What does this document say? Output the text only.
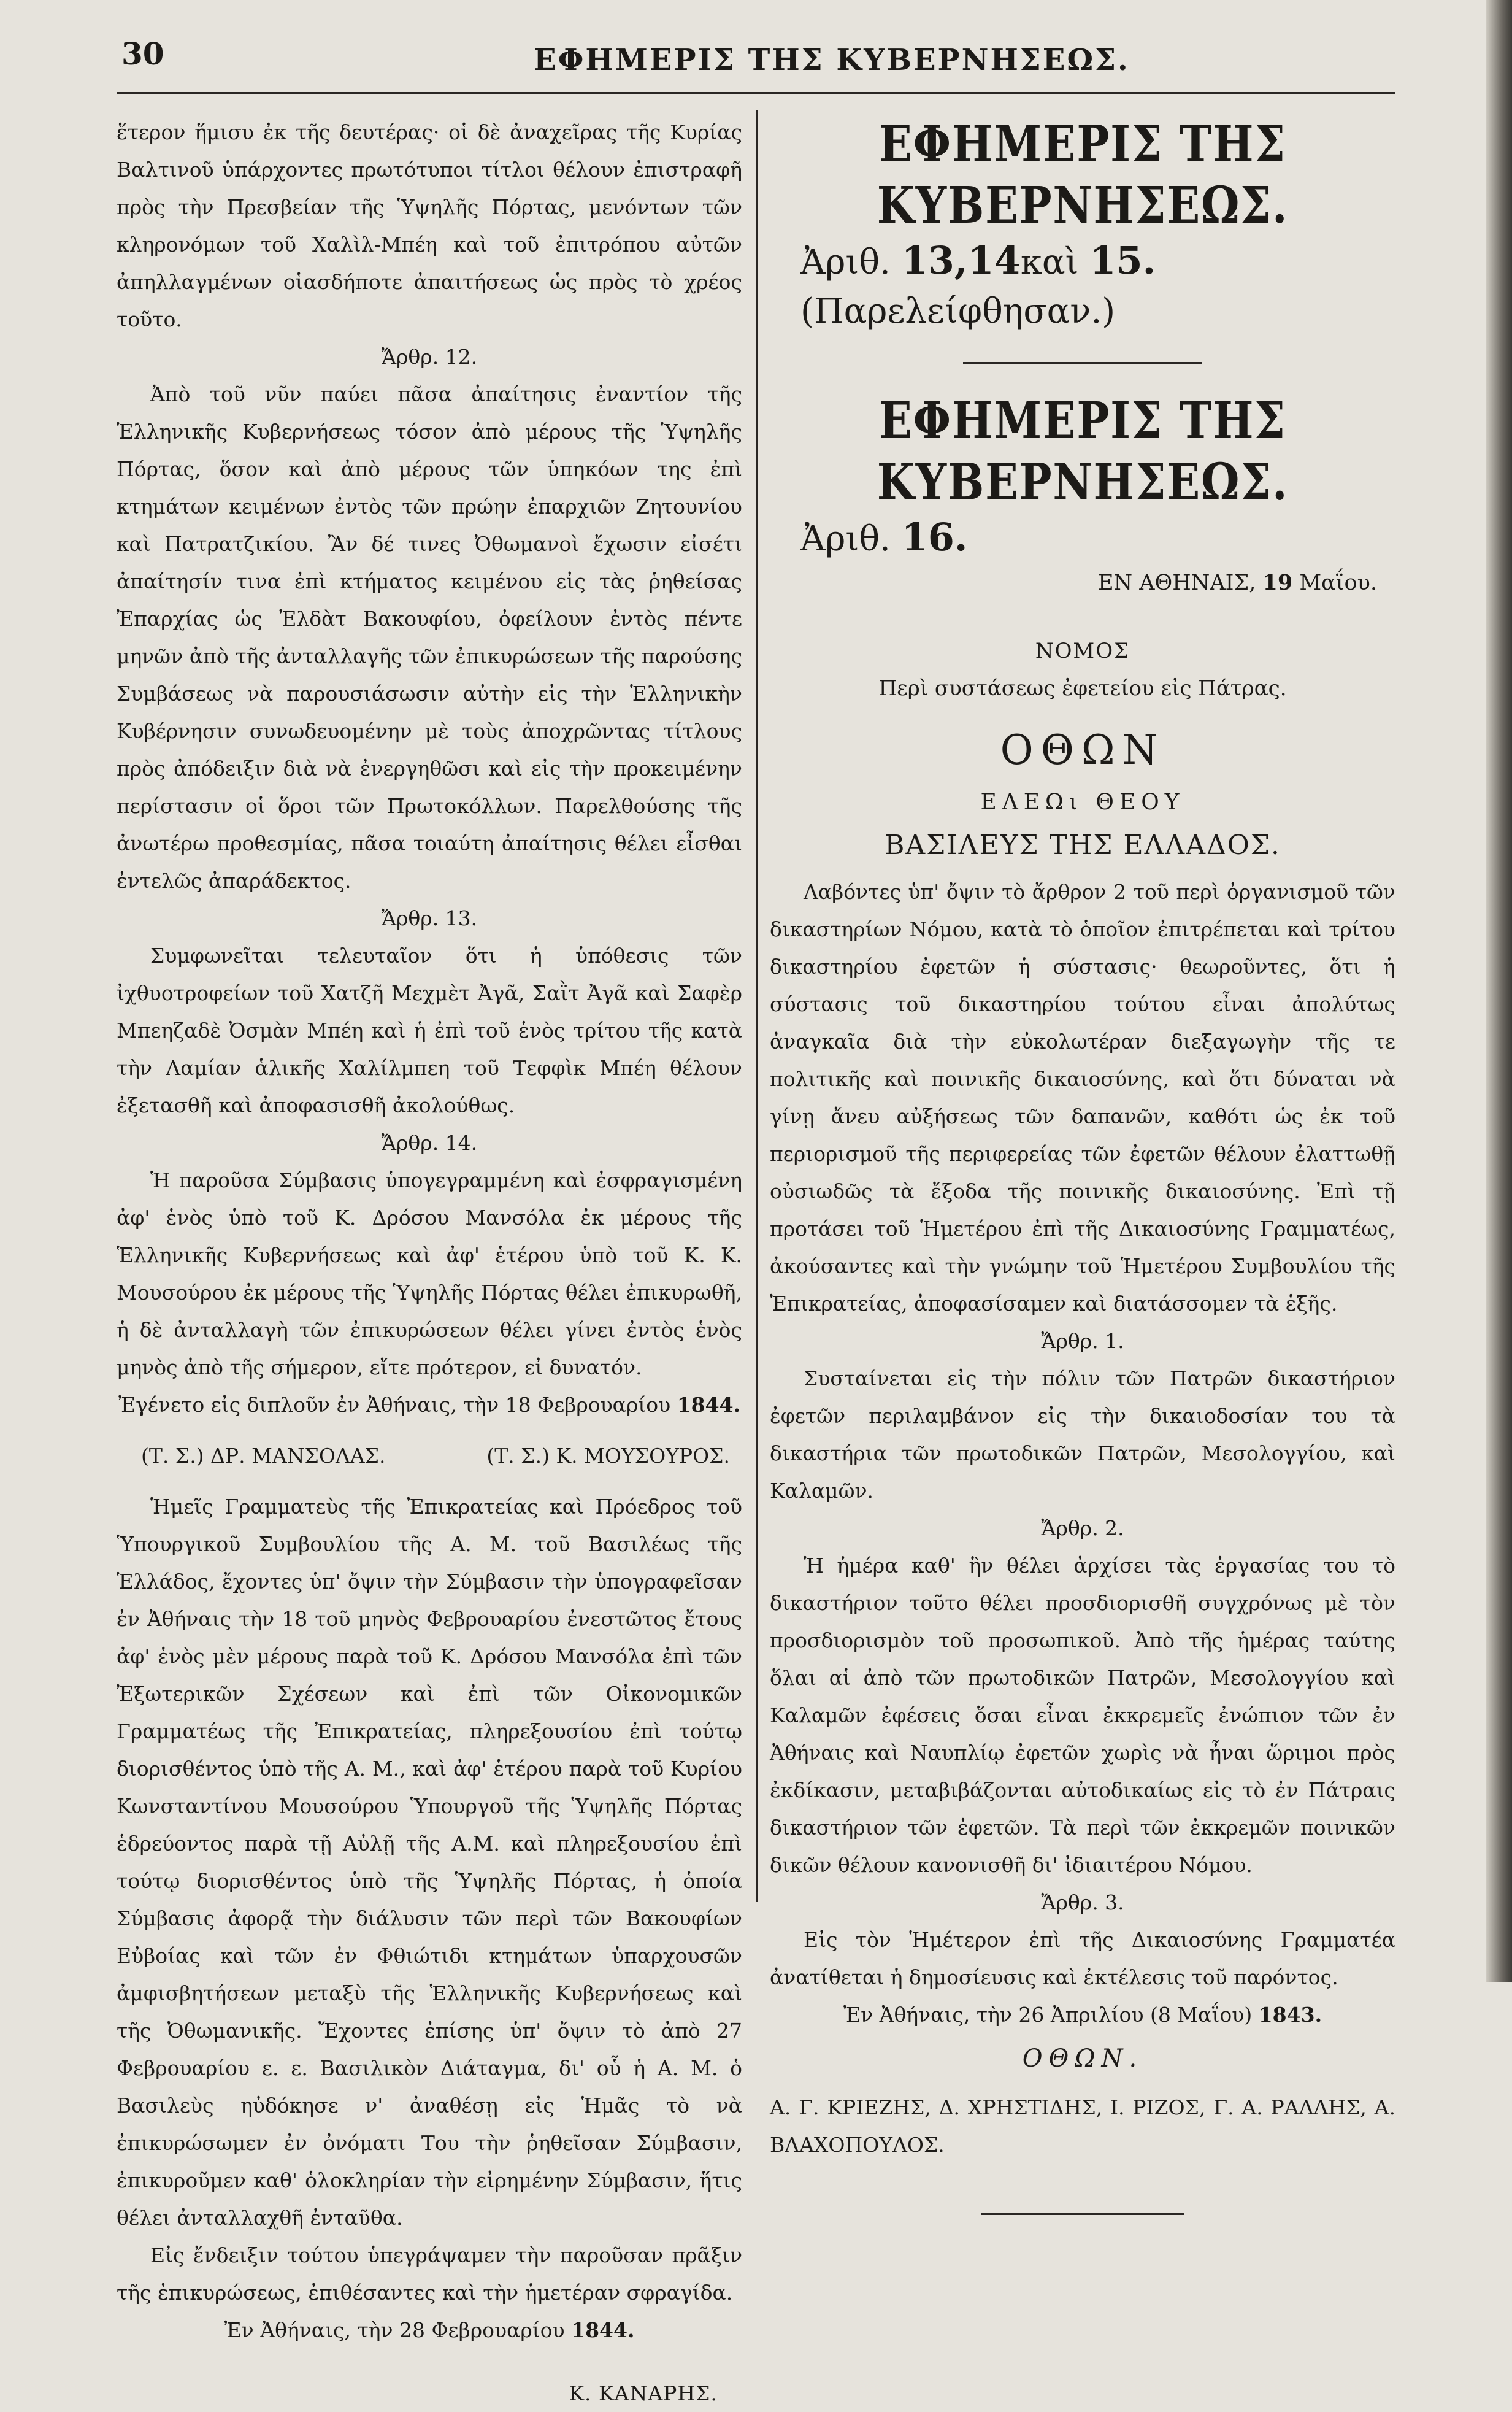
30	ΕΦΗΜΕΡΙΣ ΤΗΣ ΚΥΒΕΡΝΗΣΕΩΣ.

ἕτερον ἥμισυ ἐκ τῆς δευτέρας· οἱ δὲ ἀναχεῖρας τῆς Κυρίας Βαλτινοῦ ὑπάρχοντες πρωτότυποι τίτλοι θέλουν ἐπιστραφῆ πρὸς τὴν Πρεσβείαν τῆς Ὑψηλῆς Πόρτας, μενόντων τῶν κληρονόμων τοῦ Χαλὶλ-Μπέη καὶ τοῦ ἐπιτρόπου αὐτῶν ἀπηλλαγμένων οἱασδήποτε ἀπαιτήσεως ὡς πρὸς τὸ χρέος τοῦτο.

Ἄρθρ. 12.

Ἀπὸ τοῦ νῦν παύει πᾶσα ἀπαίτησις ἐναντίον τῆς Ἑλληνικῆς Κυβερνήσεως τόσον ἀπὸ μέρους τῆς Ὑψηλῆς Πόρτας, ὅσον καὶ ἀπὸ μέρους τῶν ὑπηκόων της ἐπὶ κτημάτων κειμένων ἐντὸς τῶν πρώην ἐπαρχιῶν Ζητουνίου καὶ Πατρατζικίου. Ἂν δέ τινες Ὀθωμανοὶ ἔχωσιν εἰσέτι ἀπαίτησίν τινα ἐπὶ κτήματος κειμένου εἰς τὰς ῥηθείσας Ἐπαρχίας ὡς Ἐλδὰτ Βακουφίου, ὀφείλουν ἐντὸς πέντε μηνῶν ἀπὸ τῆς ἀνταλλαγῆς τῶν ἐπικυρώσεων τῆς παρούσης Συμβάσεως νὰ παρουσιάσωσιν αὐτὴν εἰς τὴν Ἑλληνικὴν Κυβέρνησιν συνωδευομένην μὲ τοὺς ἀποχρῶντας τίτλους πρὸς ἀπόδειξιν διὰ νὰ ἐνεργηθῶσι καὶ εἰς τὴν προκειμένην περίστασιν οἱ ὅροι τῶν Πρωτοκόλλων. Παρελθούσης τῆς ἀνωτέρω προθεσμίας, πᾶσα τοιαύτη ἀπαίτησις θέλει εἶσθαι ἐντελῶς ἀπαράδεκτος.

Ἄρθρ. 13.

Συμφωνεῖται τελευταῖον ὅτι ἡ ὑπόθεσις τῶν ἰχθυοτροφείων τοῦ Χατζῆ Μεχμὲτ Ἀγᾶ, Σαῒτ Ἀγᾶ καὶ Σαφὲρ Μπεηζαδὲ Ὀσμὰν Μπέη καὶ ἡ ἐπὶ τοῦ ἑνὸς τρίτου τῆς κατὰ τὴν Λαμίαν ἁλικῆς Χαλίλμπεη τοῦ Τεφφὶκ Μπέη θέλουν ἐξετασθῆ καὶ ἀποφασισθῆ ἀκολούθως.

Ἄρθρ. 14.

Ἡ παροῦσα Σύμβασις ὑπογεγραμμένη καὶ ἐσφραγισμένη ἀφ' ἑνὸς ὑπὸ τοῦ Κ. Δρόσου Μανσόλα ἐκ μέρους τῆς Ἑλληνικῆς Κυβερνήσεως καὶ ἀφ' ἑτέρου ὑπὸ τοῦ Κ. Κ. Μουσούρου ἐκ μέρους τῆς Ὑψηλῆς Πόρτας θέλει ἐπικυρωθῆ, ἡ δὲ ἀνταλλαγὴ τῶν ἐπικυρώσεων θέλει γίνει ἐντὸς ἑνὸς μηνὸς ἀπὸ τῆς σήμερον, εἴτε πρότερον, εἰ δυνατόν.

Ἐγένετο εἰς διπλοῦν ἐν Ἀθήναις, τὴν 18 Φεβρουαρίου 1844.

(Τ. Σ.) ΔΡ. ΜΑΝΣΟΛΑΣ.	(Τ. Σ.) Κ. ΜΟΥΣΟΥΡΟΣ.

Ἡμεῖς Γραμματεὺς τῆς Ἐπικρατείας καὶ Πρόεδρος τοῦ Ὑπουργικοῦ Συμβουλίου τῆς Α. Μ. τοῦ Βασιλέως τῆς Ἑλλάδος, ἔχοντες ὑπ' ὄψιν τὴν Σύμβασιν τὴν ὑπογραφεῖσαν ἐν Ἀθήναις τὴν 18 τοῦ μηνὸς Φεβρουαρίου ἐνεστῶτος ἔτους ἀφ' ἑνὸς μὲν μέρους παρὰ τοῦ Κ. Δρόσου Μανσόλα ἐπὶ τῶν Ἐξωτερικῶν Σχέσεων καὶ ἐπὶ τῶν Οἰκονομικῶν Γραμματέως τῆς Ἐπικρατείας, πληρεξουσίου ἐπὶ τούτῳ διορισθέντος ὑπὸ τῆς Α. Μ., καὶ ἀφ' ἑτέρου παρὰ τοῦ Κυρίου Κωνσταντίνου Μουσούρου Ὑπουργοῦ τῆς Ὑψηλῆς Πόρτας ἑδρεύοντος παρὰ τῇ Αὐλῇ τῆς Α.Μ. καὶ πληρεξουσίου ἐπὶ τούτῳ διορισθέντος ὑπὸ τῆς Ὑψηλῆς Πόρτας, ἡ ὁποία Σύμβασις ἀφορᾷ τὴν διάλυσιν τῶν περὶ τῶν Βακουφίων Εὐβοίας καὶ τῶν ἐν Φθιώτιδι κτημάτων ὑπαρχουσῶν ἀμφισβητήσεων μεταξὺ τῆς Ἑλληνικῆς Κυβερνήσεως καὶ τῆς Ὀθωμανικῆς. Ἔχοντες ἐπίσης ὑπ' ὄψιν τὸ ἀπὸ 27 Φεβρουαρίου ε. ε. Βασιλικὸν Διάταγμα, δι' οὗ ἡ Α. Μ. ὁ Βασιλεὺς ηὐδόκησε ν' ἀναθέσῃ εἰς Ἡμᾶς τὸ νὰ ἐπικυρώσωμεν ἐν ὀνόματι Του τὴν ῥηθεῖσαν Σύμβασιν, ἐπικυροῦμεν καθ' ὁλοκληρίαν τὴν εἰρημένην Σύμβασιν, ἥτις θέλει ἀνταλλαχθῆ ἐνταῦθα.

Εἰς ἔνδειξιν τούτου ὑπεγράψαμεν τὴν παροῦσαν πρᾶξιν τῆς ἐπικυρώσεως, ἐπιθέσαντες καὶ τὴν ἡμετέραν σφραγίδα.

Ἐν Ἀθήναις, τὴν 28 Φεβρουαρίου 1844.

Κ. ΚΑΝΑΡΗΣ.

ΕΦΗΜΕΡΙΣ ΤΗΣ ΚΥΒΕΡΝΗΣΕΩΣ.

Ἀριθ. 13,14καὶ 15. (Παρελείφθησαν.)

ΕΦΗΜΕΡΙΣ ΤΗΣ ΚΥΒΕΡΝΗΣΕΩΣ.

Ἀριθ. 16.

ΕΝ ΑΘΗΝΑΙΣ, 19 Μαΐου.

ΝΟΜΟΣ

Περὶ συστάσεως ἐφετείου εἰς Πάτρας.

ΟΘΩΝ

ΕΛΕΩι ΘΕΟΥ

ΒΑΣΙΛΕΥΣ ΤΗΣ ΕΛΛΑΔΟΣ.

Λαβόντες ὑπ' ὄψιν τὸ ἄρθρον 2 τοῦ περὶ ὀργανισμοῦ τῶν δικαστηρίων Νόμου, κατὰ τὸ ὁποῖον ἐπιτρέπεται καὶ τρίτου δικαστηρίου ἐφετῶν ἡ σύστασις· θεωροῦντες, ὅτι ἡ σύστασις τοῦ δικαστηρίου τούτου εἶναι ἀπολύτως ἀναγκαῖα διὰ τὴν εὐκολωτέραν διεξαγωγὴν τῆς τε πολιτικῆς καὶ ποινικῆς δικαιοσύνης, καὶ ὅτι δύναται νὰ γίνῃ ἄνευ αὐξήσεως τῶν δαπανῶν, καθότι ὡς ἐκ τοῦ περιορισμοῦ τῆς περιφερείας τῶν ἐφετῶν θέλουν ἐλαττωθῇ οὐσιωδῶς τὰ ἔξοδα τῆς ποινικῆς δικαιοσύνης. Ἐπὶ τῇ προτάσει τοῦ Ἡμετέρου ἐπὶ τῆς Δικαιοσύνης Γραμματέως, ἀκούσαντες καὶ τὴν γνώμην τοῦ Ἡμετέρου Συμβουλίου τῆς Ἐπικρατείας, ἀποφασίσαμεν καὶ διατάσσομεν τὰ ἑξῆς.

Ἄρθρ. 1.

Συσταίνεται εἰς τὴν πόλιν τῶν Πατρῶν δικαστήριον ἐφετῶν περιλαμβάνον εἰς τὴν δικαιοδοσίαν του τὰ δικαστήρια τῶν πρωτοδικῶν Πατρῶν, Μεσολογγίου, καὶ Καλαμῶν.

Ἄρθρ. 2.

Ἡ ἡμέρα καθ' ἣν θέλει ἀρχίσει τὰς ἐργασίας του τὸ δικαστήριον τοῦτο θέλει προσδιορισθῆ συγχρόνως μὲ τὸν προσδιορισμὸν τοῦ προσωπικοῦ. Ἀπὸ τῆς ἡμέρας ταύτης ὅλαι αἱ ἀπὸ τῶν πρωτοδικῶν Πατρῶν, Μεσολογγίου καὶ Καλαμῶν ἐφέσεις ὅσαι εἶναι ἐκκρεμεῖς ἐνώπιον τῶν ἐν Ἀθήναις καὶ Ναυπλίῳ ἐφετῶν χωρὶς νὰ ἦναι ὥριμοι πρὸς ἐκδίκασιν, μεταβιβάζονται αὐτοδικαίως εἰς τὸ ἐν Πάτραις δικαστήριον τῶν ἐφετῶν. Τὰ περὶ τῶν ἐκκρεμῶν ποινικῶν δικῶν θέλουν κανονισθῆ δι' ἰδιαιτέρου Νόμου.

Ἄρθρ. 3.

Εἰς τὸν Ἡμέτερον ἐπὶ τῆς Δικαιοσύνης Γραμματέα ἀνατίθεται ἡ δημοσίευσις καὶ ἐκτέλεσις τοῦ παρόντος.

Ἐν Ἀθήναις, τὴν 26 Ἀπριλίου (8 Μαΐου) 1843.

ΟΘΩΝ.

Α. Γ. ΚΡΙΕΖΗΣ, Δ. ΧΡΗΣΤΙΔΗΣ, Ι. ΡΙΖΟΣ, Γ. Α. ΡΑΛΛΗΣ, Α. ΒΛΑΧΟΠΟΥΛΟΣ.
